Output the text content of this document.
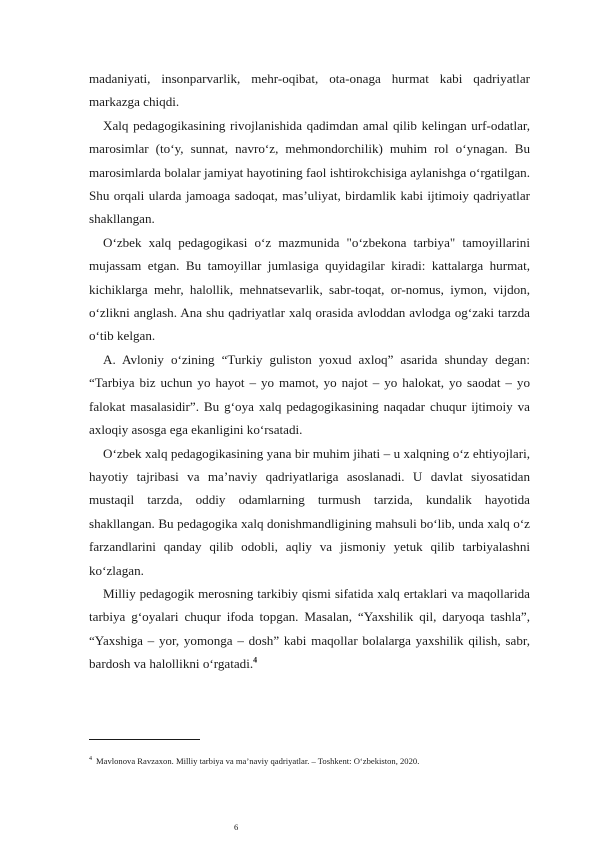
madaniyati, insonparvarlik, mehr-oqibat, ota-onaga hurmat kabi qadriyatlar markazga chiqdi.

Xalq pedagogikasining rivojlanishida qadimdan amal qilib kelingan urf-odatlar, marosimlar (to‘y, sunnat, navro‘z, mehmondorchilik) muhim rol o‘ynagan. Bu marosimlarda bolalar jamiyat hayotining faol ishtirokchisiga aylanishga o‘rgatilgan. Shu orqali ularda jamoaga sadoqat, mas’uliyat, birdamlik kabi ijtimoiy qadriyatlar shakllangan.

O‘zbek xalq pedagogikasi o‘z mazmunida "o‘zbekona tarbiya" tamoyillarini mujassam etgan. Bu tamoyillar jumlasiga quyidagilar kiradi: kattalarga hurmat, kichiklarga mehr, halollik, mehnatsevarlik, sabr-toqat, or-nomus, iymon, vijdon, o‘zlikni anglash. Ana shu qadriyatlar xalq orasida avloddan avlodga og‘zaki tarzda o‘tib kelgan.

A. Avloniy o‘zining “Turkiy guliston yoxud axloq” asarida shunday degan: “Tarbiya biz uchun yo hayot – yo mamot, yo najot – yo halokat, yo saodat – yo falokat masalasidir”. Bu g‘oya xalq pedagogikasining naqadar chuqur ijtimoiy va axloqiy asosga ega ekanligini ko‘rsatadi.

O‘zbek xalq pedagogikasining yana bir muhim jihati – u xalqning o‘z ehtiyojlari, hayotiy tajribasi va ma’naviy qadriyatlariga asoslanadi. U davlat siyosatidan mustaqil tarzda, oddiy odamlarning turmush tarzida, kundalik hayotida shakllangan. Bu pedagogika xalq donishmandligining mahsuli bo‘lib, unda xalq o‘z farzandlarini qanday qilib odobli, aqliy va jismoniy yetuk qilib tarbiyalashni ko‘zlagan.

Milliy pedagogik merosning tarkibiy qismi sifatida xalq ertaklari va maqollarida tarbiya g‘oyalari chuqur ifoda topgan. Masalan, “Yaxshilik qil, daryoqa tashla”, “Yaxshiga – yor, yomonga – dosh” kabi maqollar bolalarga yaxshilik qilish, sabr, bardosh va halollikni o‘rgatadi.$^4$

$^4$ Mavlonova Ravzaxon. Milliy tarbiya va ma’naviy qadriyatlar. – Toshkent: O‘zbekiston, 2020.
6
